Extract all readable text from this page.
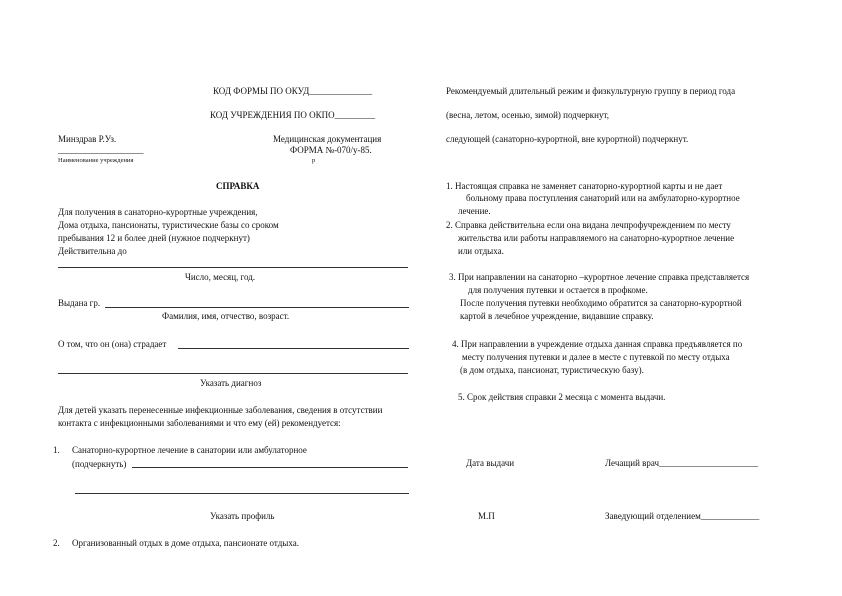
КОД ФОРМЫ ПО ОКУД______________
КОД УЧРЕЖДЕНИЯ ПО ОКПО_________
Минздрав Р.Уз.
___________________
Наименование учреждения
Медицинская документация
ФОРМА №-070/у-85.
р
СПРАВКА
Для получения в санаторно-курортные учреждения,
Дома отдыха, пансионаты, туристические базы со сроком
пребывания 12 и более дней (нужное подчеркнут)
Действительна до
Число, месяц, год.
Выдана гр.
Фамилия, имя, отчество, возраст.
О том, что он (она) страдает
Указать диагноз
Для детей указать перенесенные инфекционные заболевания, сведения в отсутствии
контакта с инфекционными заболеваниями и что ему (ей) рекомендуется:
1. Санаторно-курортное лечение в санатории или амбулаторное
(подчеркнуть)
Указать профиль
2. Организованный отдых в доме отдыха, пансионате отдыха.
Рекомендуемый длительный режим и физкультурную группу в период года
(весна, летом, осенью, зимой) подчеркнут,
следующей (санаторно-курортной, вне курортной) подчеркнут.
1. Настоящая справка не заменяет санаторно-курортной карты и не дает
больному права поступления санаторий или на амбулаторно-курортное
лечение.
2. Справка действительна если она видана лечпрофучреждением по месту
жительства или работы направляемого на санаторно-курортное лечение
или отдыха.
3. При направлении на санаторно –курортное лечение справка представляется
для получения путевки и остается в профкоме.
После получения путевки необходимо обратится за санаторно-курортной
картой в лечебное учреждение, видавшие справку.
4. При направлении в учреждение отдыха данная справка предъявляется по
месту получения путевки и далее в месте с путевкой по месту отдыха
(в дом отдыха, пансионат, туристическую базу).
5. Срок действия справки 2 месяца с момента выдачи.
Дата выдачи	Лечащий врач______________________
М.П	Заведующий отделением_____________
